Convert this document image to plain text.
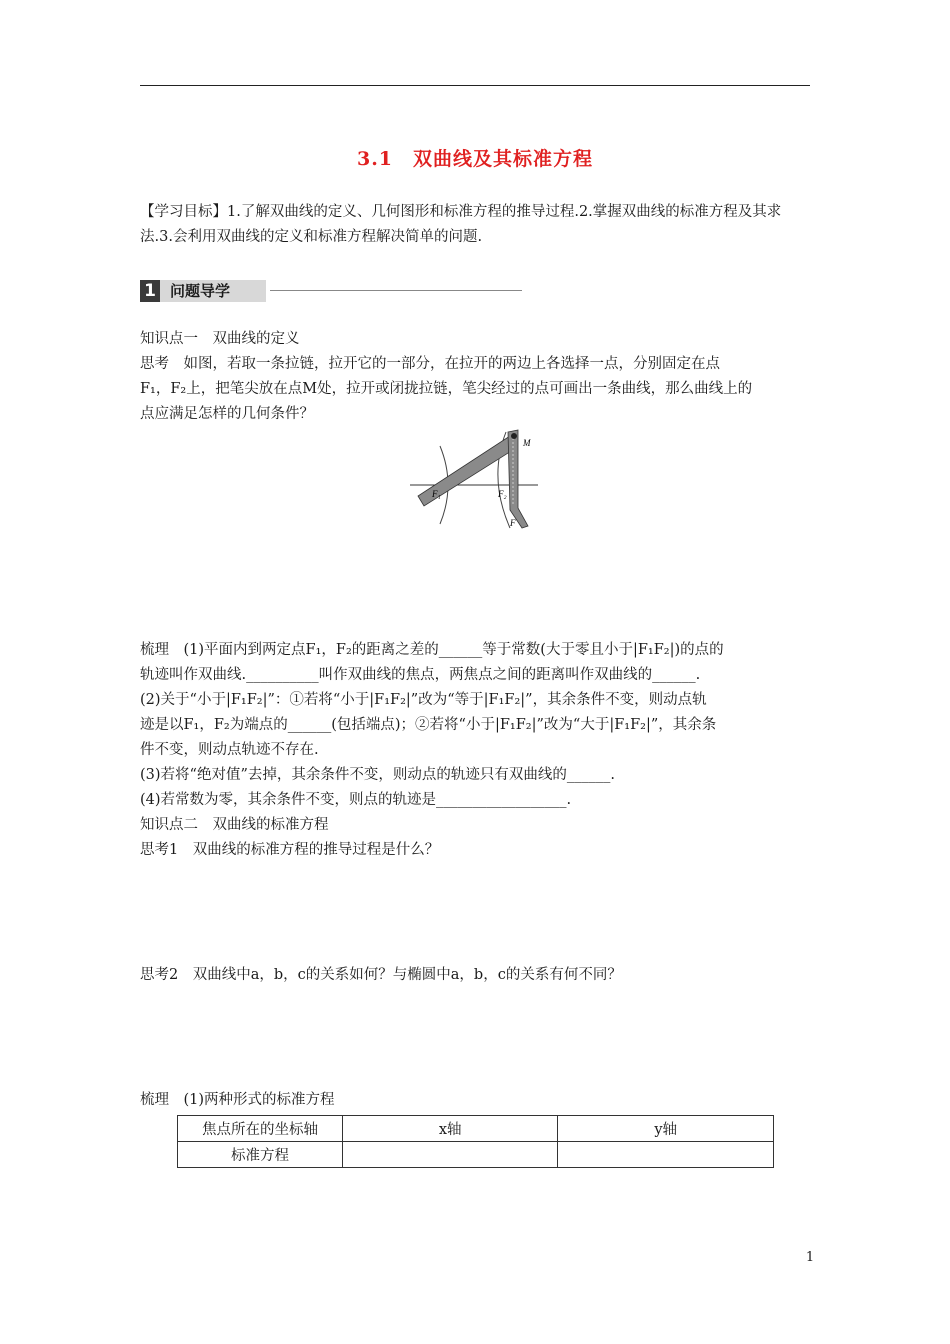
3.1　双曲线及其标准方程
【学习目标】1.了解双曲线的定义、几何图形和标准方程的推导过程.2.掌握双曲线的标准方程及其求法.3.会利用双曲线的定义和标准方程解决简单的问题.
1 问题导学
知识点一　双曲线的定义
思考　如图，若取一条拉链，拉开它的一部分，在拉开的两边上各选择一点，分别固定在点
F₁，F₂上，把笔尖放在点M处，拉开或闭拢拉链，笔尖经过的点可画出一条曲线，那么曲线上的
点应满足怎样的几何条件？
M
F₁	F₂
F
梳理　(1)平面内到两定点F₁，F₂的距离之差的______等于常数(大于零且小于|F₁F₂|)的点的
轨迹叫作双曲线.__________叫作双曲线的焦点，两焦点之间的距离叫作双曲线的______.
(2)关于“小于|F₁F₂|”：①若将“小于|F₁F₂|”改为“等于|F₁F₂|”，其余条件不变，则动点轨
迹是以F₁，F₂为端点的______(包括端点)；②若将“小于|F₁F₂|”改为“大于|F₁F₂|”，其余条
件不变，则动点轨迹不存在.
(3)若将“绝对值”去掉，其余条件不变，则动点的轨迹只有双曲线的______.
(4)若常数为零，其余条件不变，则点的轨迹是__________________.
知识点二　双曲线的标准方程
思考1　双曲线的标准方程的推导过程是什么？
思考2　双曲线中a，b，c的关系如何？与椭圆中a，b，c的关系有何不同？
梳理　(1)两种形式的标准方程
焦点所在的坐标轴	x轴	y轴
标准方程		
1
